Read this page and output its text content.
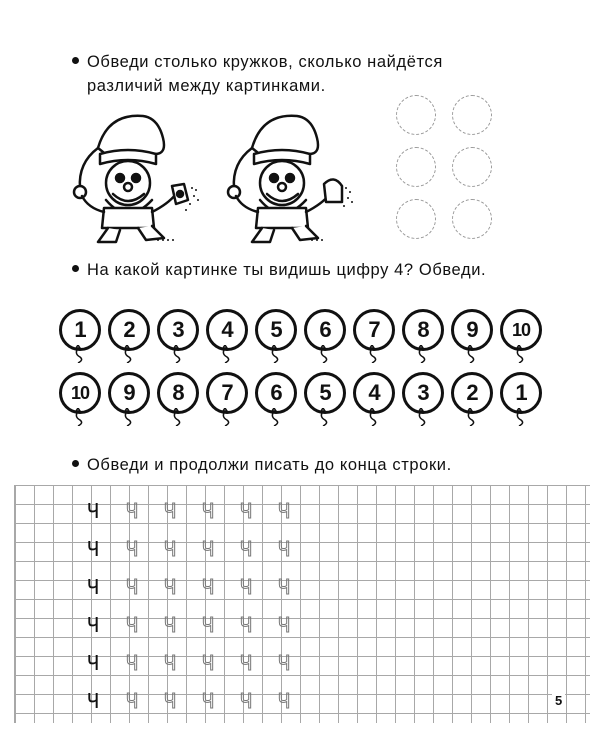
Обведи столько кружков, сколько найдётся
различий между картинками.
На какой картинке ты видишь цифру 4? Обведи.
1	2	3	4	5	6	7	8	9	10
10	9	8	7	6	5	4	3	2	1
Обведи и продолжи писать до конца строки.
Ч Ч Ч Ч Ч Ч
Ч Ч Ч Ч Ч Ч
Ч Ч Ч Ч Ч Ч
Ч Ч Ч Ч Ч Ч
Ч Ч Ч Ч Ч Ч
Ч Ч Ч Ч Ч Ч	5
